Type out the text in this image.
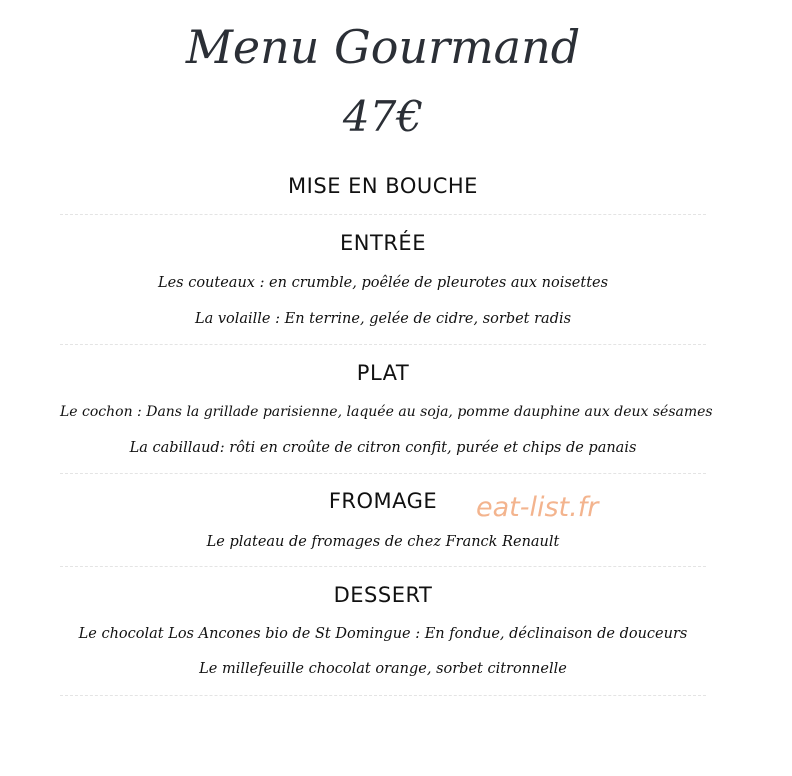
Menu Gourmand
47€
MISE EN BOUCHE
ENTRÉE
Les couteaux : en crumble, poêlée de pleurotes aux noisettes
La volaille : En terrine, gelée de cidre, sorbet radis
PLAT
Le cochon : Dans la grillade parisienne, laquée au soja, pomme dauphine aux deux sésames
La cabillaud: rôti en croûte de citron confit, purée et chips de panais
FROMAGE
Le plateau de fromages de chez Franck Renault
DESSERT
Le chocolat Los Ancones bio de St Domingue : En fondue, déclinaison de douceurs
Le millefeuille chocolat orange, sorbet citronnelle
eat-list.fr
